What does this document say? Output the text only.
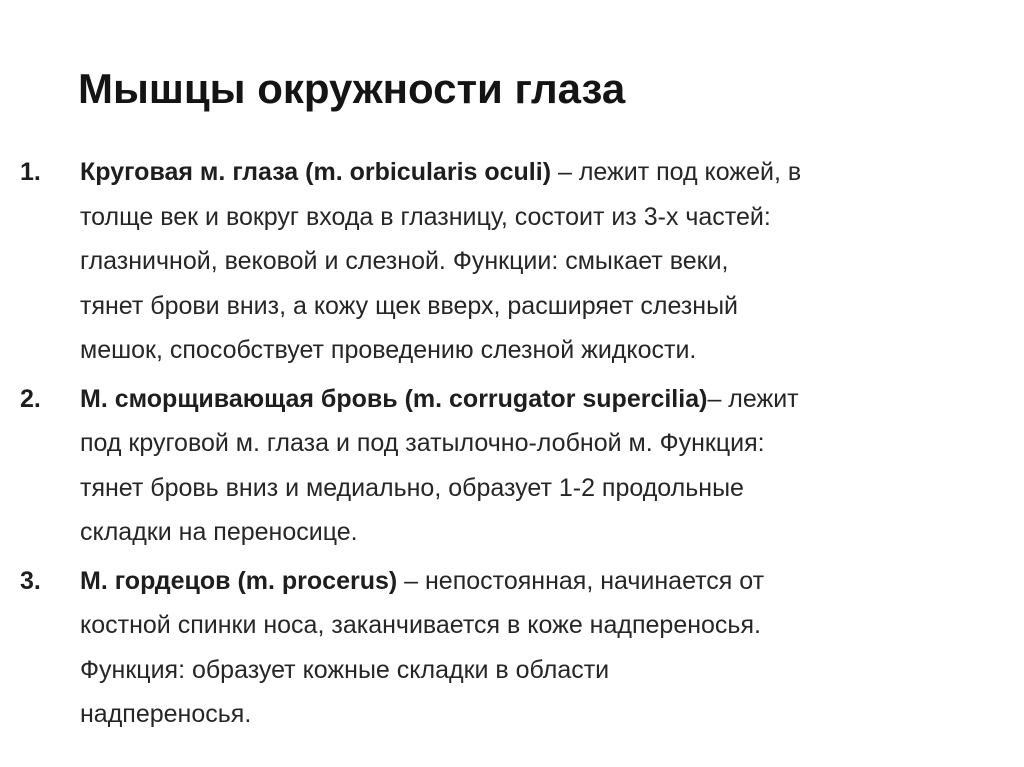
Мышцы окружности глаза
1.	Круговая м. глаза (m. orbicularis oculi) – лежит под кожей, в
толще век и вокруг входа в глазницу, состоит из 3-х частей:
глазничной, вековой и слезной. Функции: смыкает веки,
тянет брови вниз, а кожу щек вверх, расширяет слезный
мешок, способствует проведению слезной жидкости.
2.	М. сморщивающая бровь (m. corrugator supercilia)– лежит
под круговой м. глаза и под затылочно-лобной м. Функция:
тянет бровь вниз и медиально, образует 1-2 продольные
складки на переносице.
3.	М. гордецов (m. procerus) – непостоянная, начинается от
костной спинки носа, заканчивается в коже надпереносья.
Функция: образует кожные складки в области
надпереносья.
